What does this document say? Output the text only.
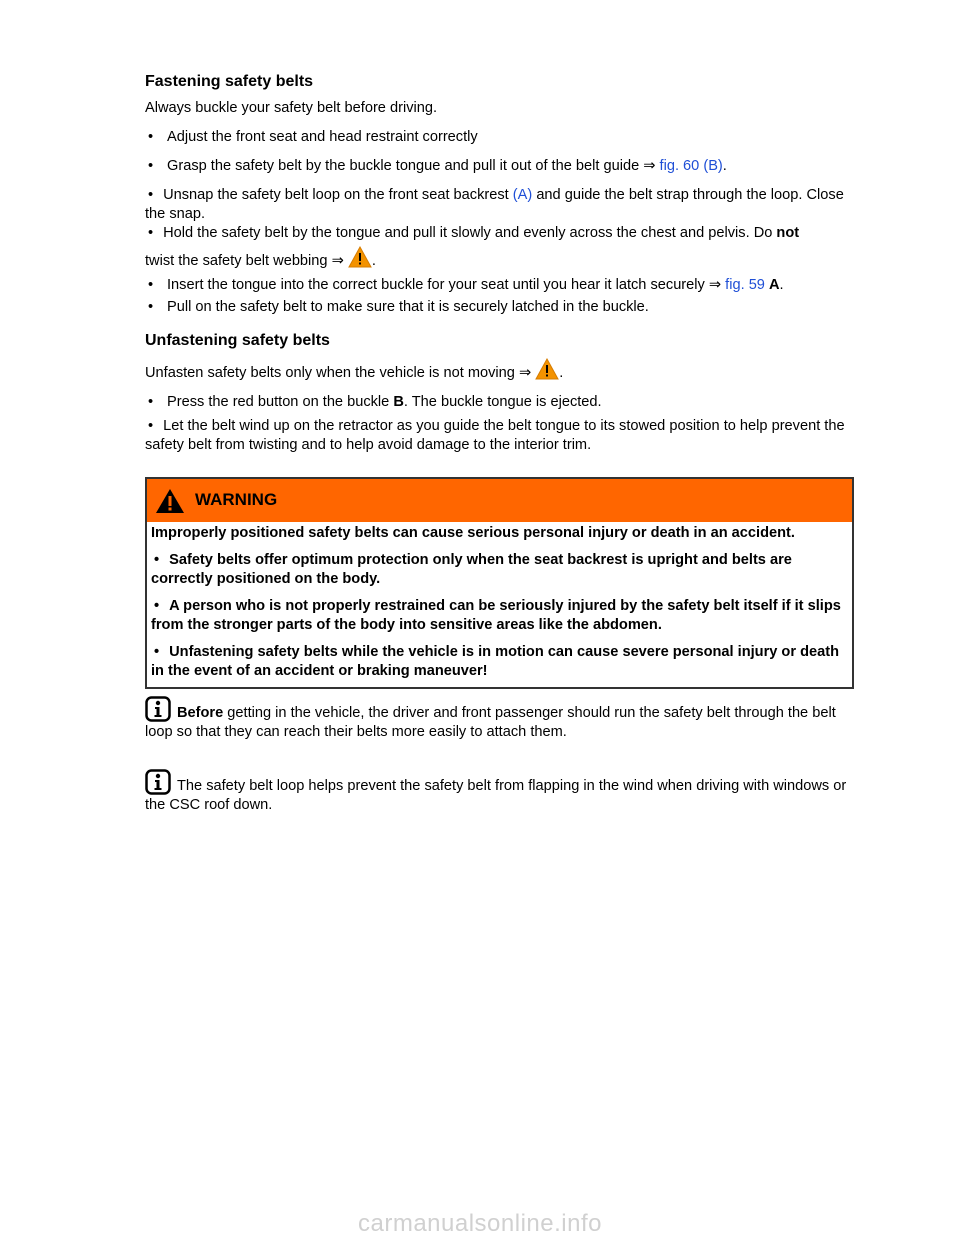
Fastening safety belts

Always buckle your safety belt before driving.

• Adjust the front seat and head restraint correctly
• Grasp the safety belt by the buckle tongue and pull it out of the belt guide ⇒ fig. 60 (B).
• Unsnap the safety belt loop on the front seat backrest (A) and guide the belt strap through the loop. Close the snap.
• Hold the safety belt by the tongue and pull it slowly and evenly across the chest and pelvis. Do not
twist the safety belt webbing ⇒ .
• Insert the tongue into the correct buckle for your seat until you hear it latch securely ⇒ fig. 59 A.
• Pull on the safety belt to make sure that it is securely latched in the buckle.
Unfastening safety belts

Unfasten safety belts only when the vehicle is not moving ⇒ .

• Press the red button on the buckle B. The buckle tongue is ejected.
• Let the belt wind up on the retractor as you guide the belt tongue to its stowed position to help prevent the safety belt from twisting and to help avoid damage to the interior trim.
Before getting in the vehicle, the driver and front passenger should run the safety belt through the belt loop so that they can reach their belts more easily to attach them.
The safety belt loop helps prevent the safety belt from flapping in the wind when driving with windows or the CSC roof down.
WARNING

Improperly positioned safety belts can cause serious personal injury or death in an accident.

• Safety belts offer optimum protection only when the seat backrest is upright and belts are correctly positioned on the body.

• A person who is not properly restrained can be seriously injured by the safety belt itself if it slips from the stronger parts of the body into sensitive areas like the abdomen.

• Unfastening safety belts while the vehicle is in motion can cause severe personal injury or death in the event of an accident or braking maneuver!

carmanualsonline.info
